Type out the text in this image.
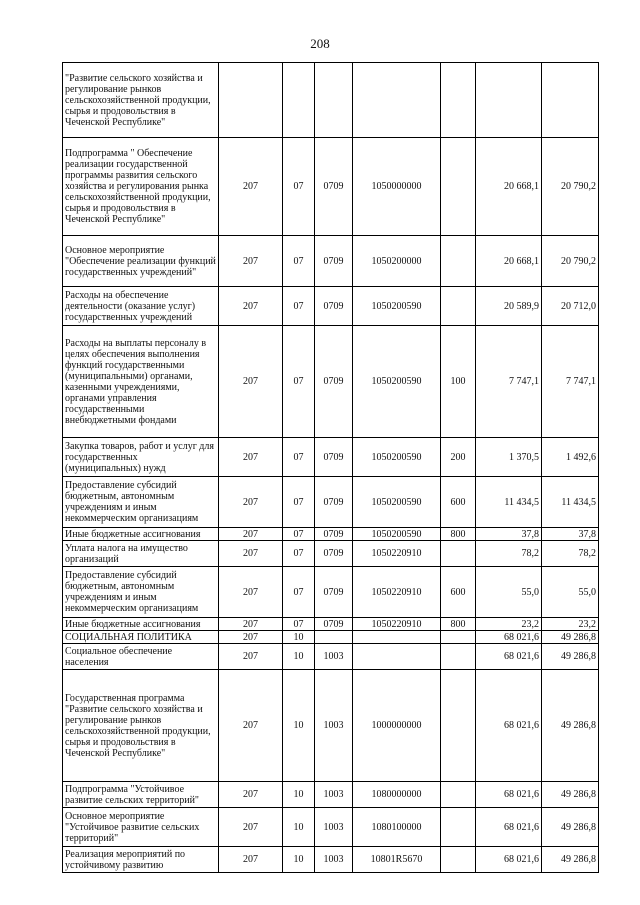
208
"Развитие сельского хозяйства и регулирование рынков сельскохозяйственной продукции, сырья и продовольствия в Чеченской Республике"							
Подпрограмма " Обеспечение реализации государственной программы развития сельского хозяйства и регулирования рынка сельскохозяйственной продукции, сырья и продовольствия в Чеченской Республике"	207	07	0709	1050000000		20 668,1	20 790,2
Основное мероприятие "Обеспечение реализации функций государственных учреждений"	207	07	0709	1050200000		20 668,1	20 790,2
Расходы на обеспечение деятельности (оказание услуг) государственных учреждений	207	07	0709	1050200590		20 589,9	20 712,0
Расходы на выплаты персоналу в целях обеспечения выполнения функций государственными (муниципальными) органами, казенными учреждениями, органами управления государственными внебюджетными фондами	207	07	0709	1050200590	100	7 747,1	7 747,1
Закупка товаров, работ и услуг для государственных (муниципальных) нужд	207	07	0709	1050200590	200	1 370,5	1 492,6
Предоставление субсидий бюджетным, автономным учреждениям и иным некоммерческим организациям	207	07	0709	1050200590	600	11 434,5	11 434,5
Иные бюджетные ассигнования	207	07	0709	1050200590	800	37,8	37,8
Уплата налога на имущество организаций	207	07	0709	1050220910		78,2	78,2
Предоставление субсидий бюджетным, автономным учреждениям и иным некоммерческим организациям	207	07	0709	1050220910	600	55,0	55,0
Иные бюджетные ассигнования	207	07	0709	1050220910	800	23,2	23,2
СОЦИАЛЬНАЯ ПОЛИТИКА	207	10				68 021,6	49 286,8
Социальное обеспечение населения	207	10	1003			68 021,6	49 286,8
Государственная программа "Развитие сельского хозяйства и регулирование рынков сельскохозяйственной продукции, сырья и продовольствия в Чеченской Республике"	207	10	1003	1000000000		68 021,6	49 286,8
Подпрограмма "Устойчивое развитие сельских территорий"	207	10	1003	1080000000		68 021,6	49 286,8
Основное мероприятие "Устойчивое развитие сельских территорий"	207	10	1003	1080100000		68 021,6	49 286,8
Реализация мероприятий по устойчивому развитию	207	10	1003	10801R5670		68 021,6	49 286,8
